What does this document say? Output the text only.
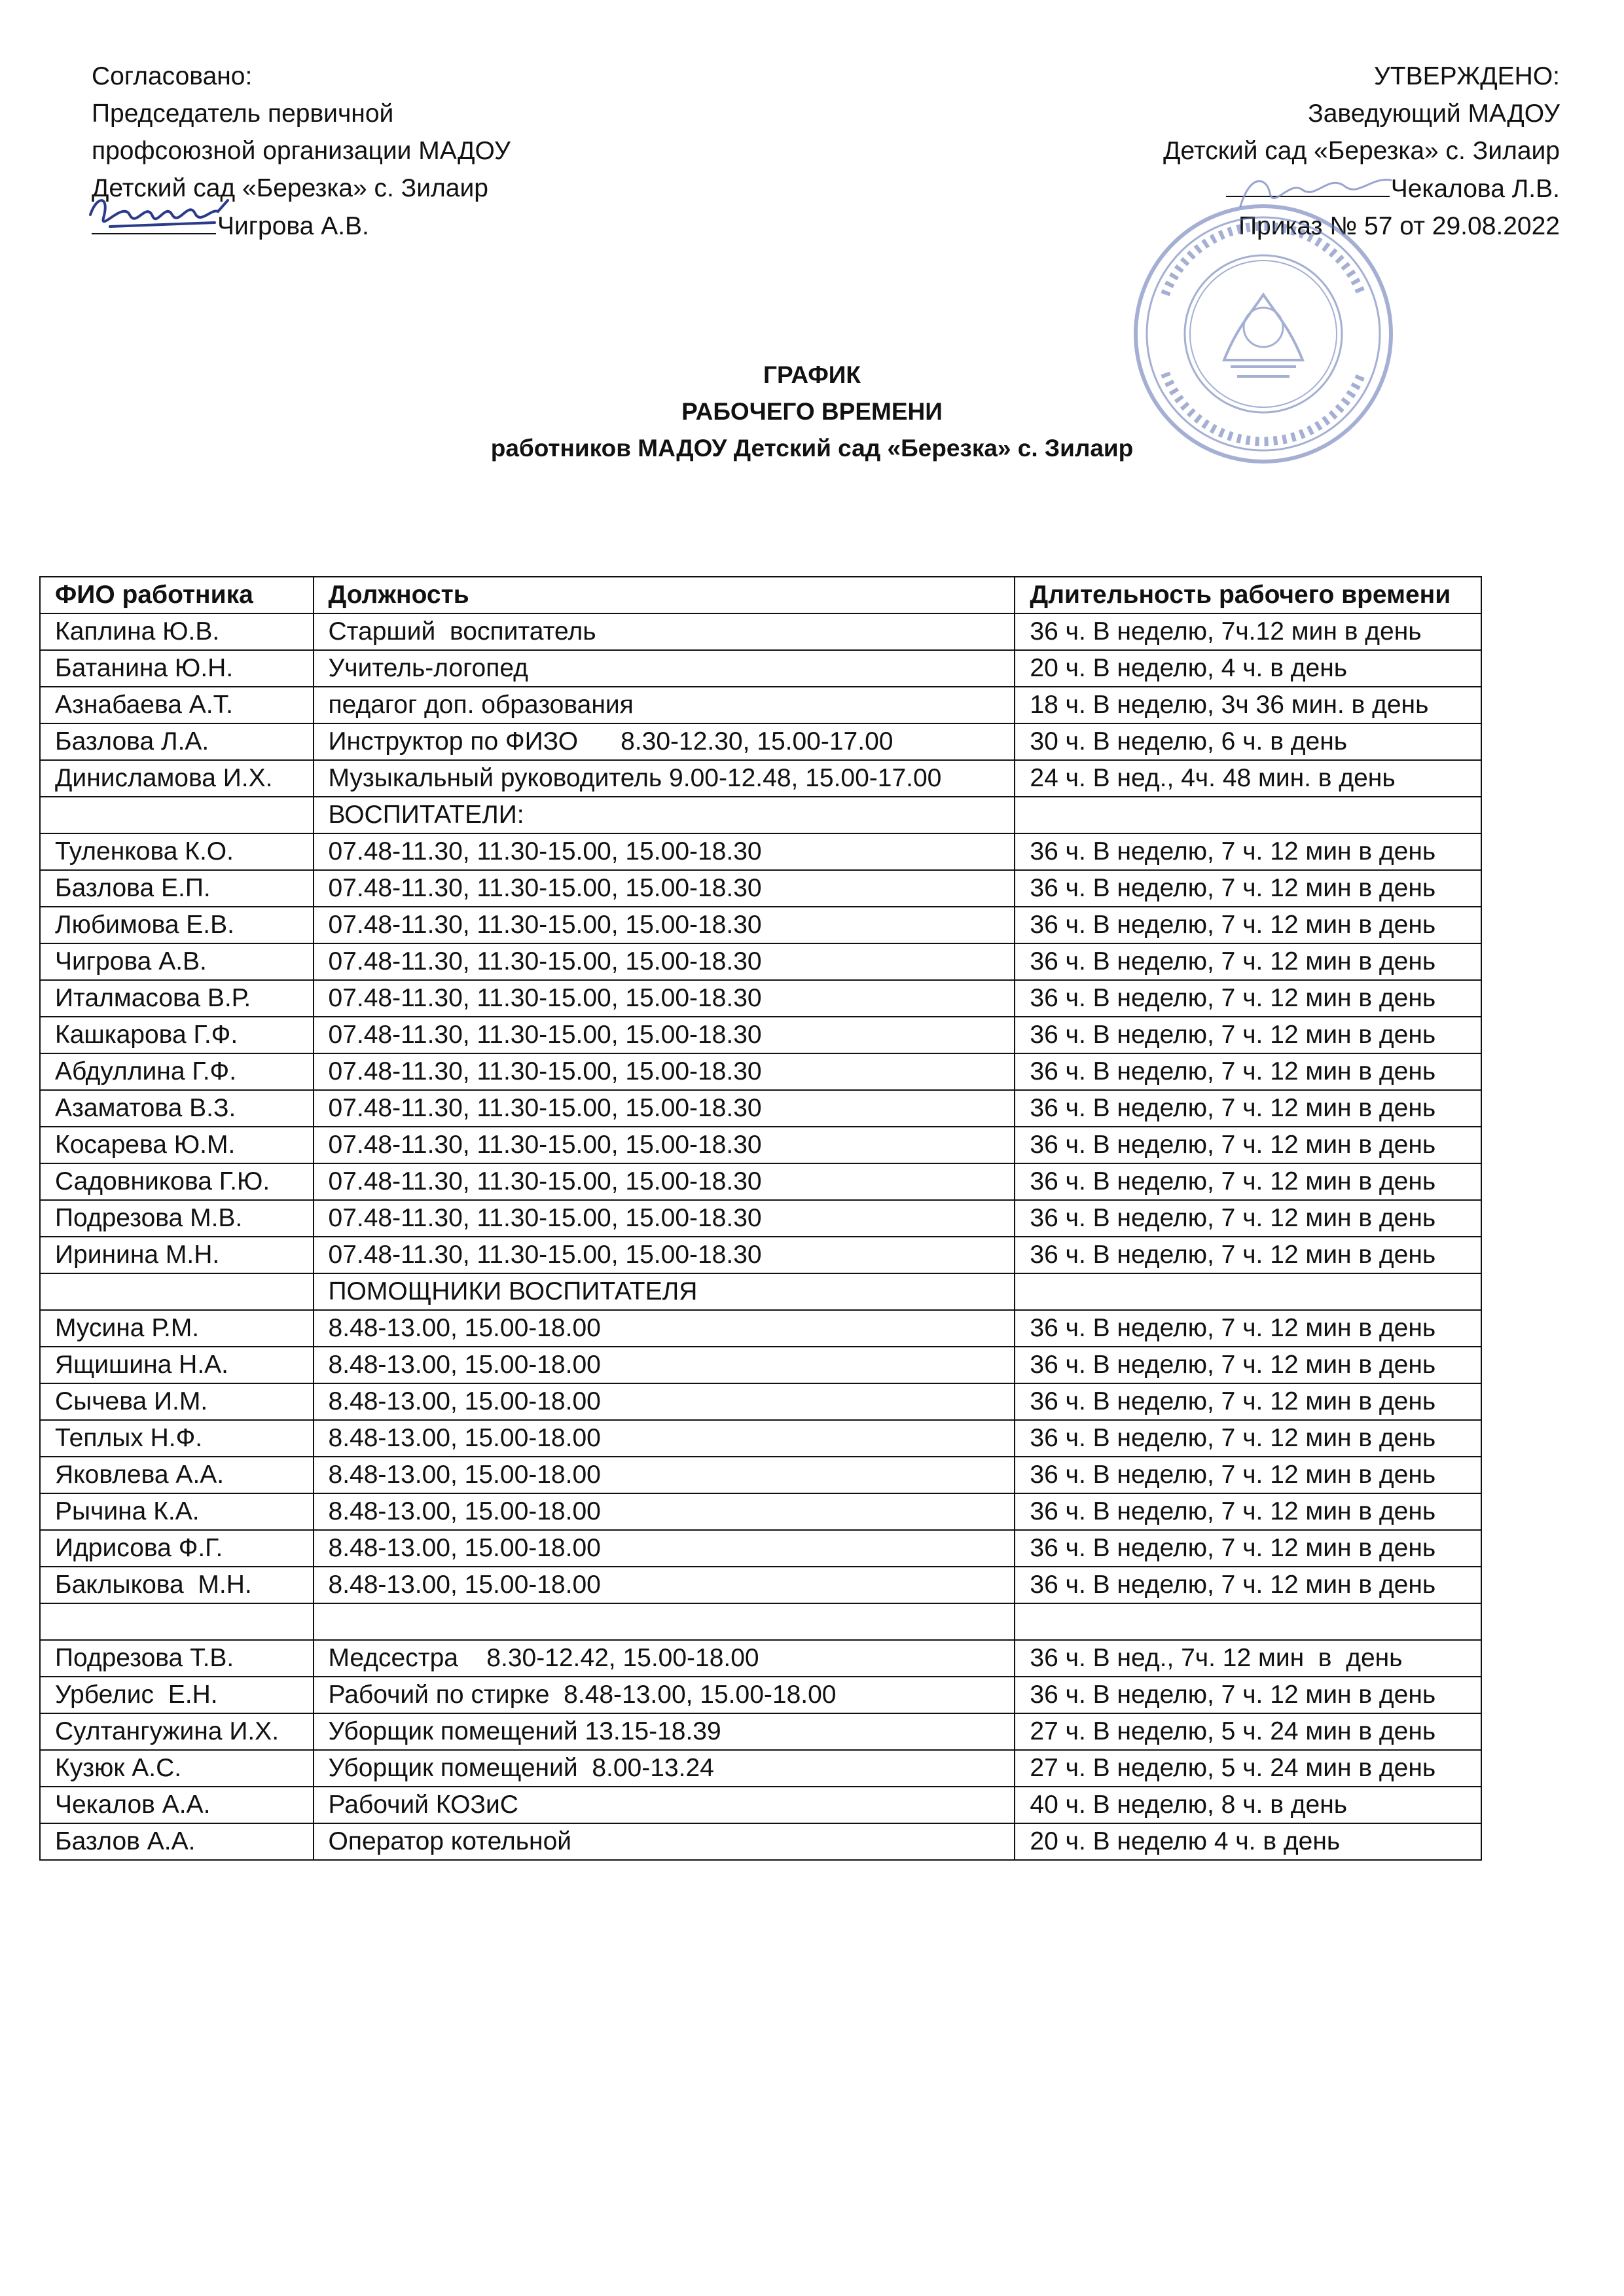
Согласовано:
Председатель первичной
профсоюзной организации МАДОУ
Детский сад «Березка» с. Зилаир
Чигрова А.В.
УТВЕРЖДЕНО:
Заведующий МАДОУ
Детский сад «Березка» с. Зилаир
Чекалова Л.В.
Приказ № 57 от 29.08.2022
ГРАФИК
РАБОЧЕГО ВРЕМЕНИ
работников МАДОУ Детский сад «Березка» с. Зилаир
ФИО работника	Должность	Длительность рабочего времени
Каплина Ю.В.	Старший  воспитатель	36 ч. В неделю, 7ч.12 мин в день
Батанина Ю.Н.	Учитель-логопед	20 ч. В неделю, 4 ч. в день
Азнабаева А.Т.	педагог доп. образования	18 ч. В неделю, 3ч 36 мин. в день
Базлова Л.А.	Инструктор по ФИЗО      8.30-12.30, 15.00-17.00	30 ч. В неделю, 6 ч. в день
Динисламова И.Х.	Музыкальный руководитель 9.00-12.48, 15.00-17.00	24 ч. В нед., 4ч. 48 мин. в день
	ВОСПИТАТЕЛИ:	
Туленкова К.О.	07.48-11.30, 11.30-15.00, 15.00-18.30	36 ч. В неделю, 7 ч. 12 мин в день
Базлова Е.П.	07.48-11.30, 11.30-15.00, 15.00-18.30	36 ч. В неделю, 7 ч. 12 мин в день
Любимова Е.В.	07.48-11.30, 11.30-15.00, 15.00-18.30	36 ч. В неделю, 7 ч. 12 мин в день
Чигрова А.В.	07.48-11.30, 11.30-15.00, 15.00-18.30	36 ч. В неделю, 7 ч. 12 мин в день
Италмасова В.Р.	07.48-11.30, 11.30-15.00, 15.00-18.30	36 ч. В неделю, 7 ч. 12 мин в день
Кашкарова Г.Ф.	07.48-11.30, 11.30-15.00, 15.00-18.30	36 ч. В неделю, 7 ч. 12 мин в день
Абдуллина Г.Ф.	07.48-11.30, 11.30-15.00, 15.00-18.30	36 ч. В неделю, 7 ч. 12 мин в день
Азаматова В.З.	07.48-11.30, 11.30-15.00, 15.00-18.30	36 ч. В неделю, 7 ч. 12 мин в день
Косарева Ю.М.	07.48-11.30, 11.30-15.00, 15.00-18.30	36 ч. В неделю, 7 ч. 12 мин в день
Садовникова Г.Ю.	07.48-11.30, 11.30-15.00, 15.00-18.30	36 ч. В неделю, 7 ч. 12 мин в день
Подрезова М.В.	07.48-11.30, 11.30-15.00, 15.00-18.30	36 ч. В неделю, 7 ч. 12 мин в день
Иринина М.Н.	07.48-11.30, 11.30-15.00, 15.00-18.30	36 ч. В неделю, 7 ч. 12 мин в день
	ПОМОЩНИКИ ВОСПИТАТЕЛЯ	
Мусина Р.М.	8.48-13.00, 15.00-18.00	36 ч. В неделю, 7 ч. 12 мин в день
Ящишина Н.А.	8.48-13.00, 15.00-18.00	36 ч. В неделю, 7 ч. 12 мин в день
Сычева И.М.	8.48-13.00, 15.00-18.00	36 ч. В неделю, 7 ч. 12 мин в день
Теплых Н.Ф.	8.48-13.00, 15.00-18.00	36 ч. В неделю, 7 ч. 12 мин в день
Яковлева А.А.	8.48-13.00, 15.00-18.00	36 ч. В неделю, 7 ч. 12 мин в день
Рычина К.А.	8.48-13.00, 15.00-18.00	36 ч. В неделю, 7 ч. 12 мин в день
Идрисова Ф.Г.	8.48-13.00, 15.00-18.00	36 ч. В неделю, 7 ч. 12 мин в день
Баклыкова  М.Н.	8.48-13.00, 15.00-18.00	36 ч. В неделю, 7 ч. 12 мин в день

Подрезова Т.В.	Медсестра    8.30-12.42, 15.00-18.00	36 ч. В нед., 7ч. 12 мин  в  день
Урбелис  Е.Н.	Рабочий по стирке  8.48-13.00, 15.00-18.00	36 ч. В неделю, 7 ч. 12 мин в день
Султангужина И.Х.	Уборщик помещений 13.15-18.39	27 ч. В неделю, 5 ч. 24 мин в день
Кузюк А.С.	Уборщик помещений  8.00-13.24	27 ч. В неделю, 5 ч. 24 мин в день
Чекалов А.А.	Рабочий КОЗиС	40 ч. В неделю, 8 ч. в день
Базлов А.А.	Оператор котельной	20 ч. В неделю 4 ч. в день
